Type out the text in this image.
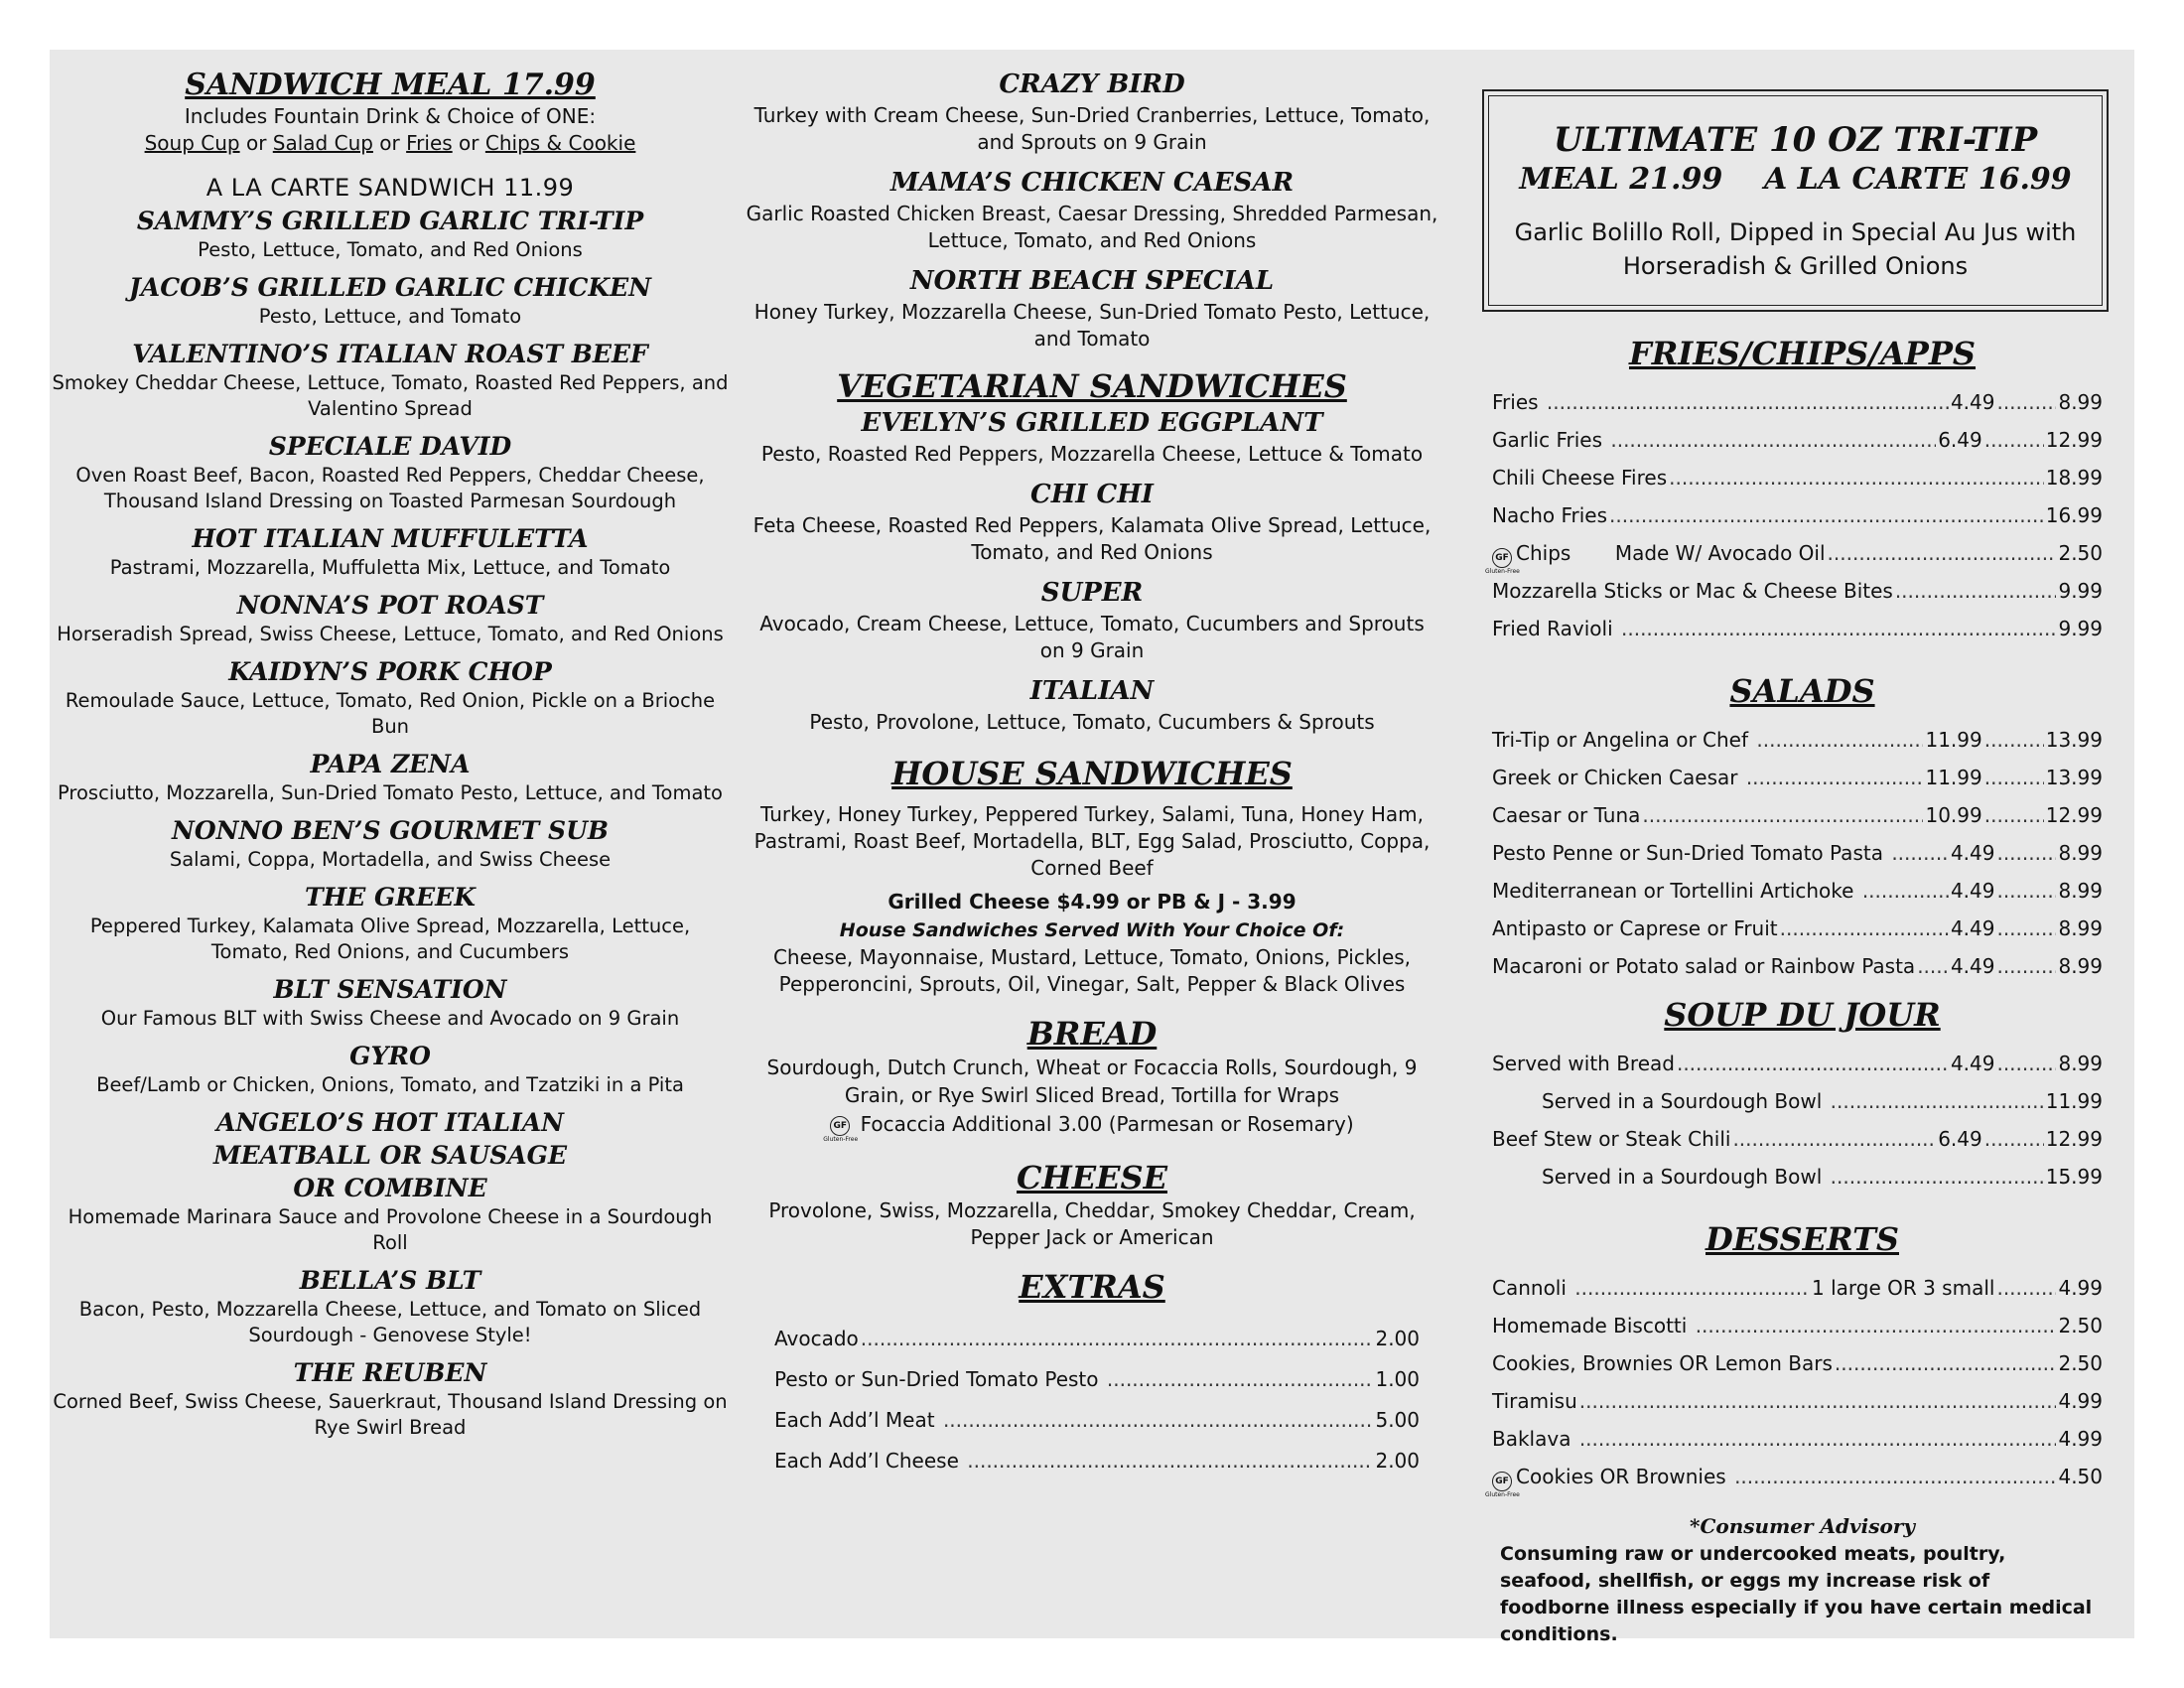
SANDWICH MEAL 17.99
Includes Fountain Drink & Choice of ONE:
Soup Cup or Salad Cup or Fries or Chips & Cookie
A LA CARTE SANDWICH 11.99
SAMMY’S GRILLED GARLIC TRI-TIP
Pesto, Lettuce, Tomato, and Red Onions
JACOB’S GRILLED GARLIC CHICKEN
Pesto, Lettuce, and Tomato
VALENTINO’S ITALIAN ROAST BEEF
Smokey Cheddar Cheese, Lettuce, Tomato, Roasted Red Peppers, and Valentino Spread
SPECIALE DAVID
Oven Roast Beef, Bacon, Roasted Red Peppers, Cheddar Cheese, Thousand Island Dressing on Toasted Parmesan Sourdough
HOT ITALIAN MUFFULETTA
Pastrami, Mozzarella, Muffuletta Mix, Lettuce, and Tomato
NONNA’S POT ROAST
Horseradish Spread, Swiss Cheese, Lettuce, Tomato, and Red Onions
KAIDYN’S PORK CHOP
Remoulade Sauce, Lettuce, Tomato, Red Onion, Pickle on a Brioche Bun
PAPA ZENA
Prosciutto, Mozzarella, Sun-Dried Tomato Pesto, Lettuce, and Tomato
NONNO BEN’S GOURMET SUB
Salami, Coppa, Mortadella, and Swiss Cheese
THE GREEK
Peppered Turkey, Kalamata Olive Spread, Mozzarella, Lettuce, Tomato, Red Onions, and Cucumbers
BLT SENSATION
Our Famous BLT with Swiss Cheese and Avocado on 9 Grain
GYRO
Beef/Lamb or Chicken, Onions, Tomato, and Tzatziki in a Pita
ANGELO’S HOT ITALIAN MEATBALL OR SAUSAGE OR COMBINE
Homemade Marinara Sauce and Provolone Cheese in a Sourdough Roll
BELLA’S BLT
Bacon, Pesto, Mozzarella Cheese, Lettuce, and Tomato on Sliced Sourdough - Genovese Style!
THE REUBEN
Corned Beef, Swiss Cheese, Sauerkraut, Thousand Island Dressing on Rye Swirl Bread
CRAZY BIRD
Turkey with Cream Cheese, Sun-Dried Cranberries, Lettuce, Tomato, and Sprouts on 9 Grain
MAMA’S CHICKEN CAESAR
Garlic Roasted Chicken Breast, Caesar Dressing, Shredded Parmesan, Lettuce, Tomato, and Red Onions
NORTH BEACH SPECIAL
Honey Turkey, Mozzarella Cheese, Sun-Dried Tomato Pesto, Lettuce, and Tomato
VEGETARIAN SANDWICHES
EVELYN’S GRILLED EGGPLANT
Pesto, Roasted Red Peppers, Mozzarella Cheese, Lettuce & Tomato
CHI CHI
Feta Cheese, Roasted Red Peppers, Kalamata Olive Spread, Lettuce, Tomato, and Red Onions
SUPER
Avocado, Cream Cheese, Lettuce, Tomato, Cucumbers and Sprouts on 9 Grain
ITALIAN
Pesto, Provolone, Lettuce, Tomato, Cucumbers & Sprouts
HOUSE SANDWICHES
Turkey, Honey Turkey, Peppered Turkey, Salami, Tuna, Honey Ham, Pastrami, Roast Beef, Mortadella, BLT, Egg Salad, Prosciutto, Coppa, Corned Beef
Grilled Cheese $4.99 or PB & J - 3.99
House Sandwiches Served With Your Choice Of:
Cheese, Mayonnaise, Mustard, Lettuce, Tomato, Onions, Pickles, Pepperoncini, Sprouts, Oil, Vinegar, Salt, Pepper & Black Olives
BREAD
Sourdough, Dutch Crunch, Wheat or Focaccia Rolls, Sourdough, 9 Grain, or Rye Swirl Sliced Bread, Tortilla for Wraps
GF Gluten-Free Focaccia Additional 3.00 (Parmesan or Rosemary)
CHEESE
Provolone, Swiss, Mozzarella, Cheddar, Smokey Cheddar, Cream, Pepper Jack or American
EXTRAS
Avocado .....	2.00
Pesto or Sun-Dried Tomato Pesto .....	1.00
Each Add’l Meat .....	5.00
Each Add’l Cheese .....	2.00
ULTIMATE 10 OZ TRI-TIP
MEAL 21.99    A LA CARTE 16.99
Garlic Bolillo Roll, Dipped in Special Au Jus with Horseradish & Grilled Onions
FRIES/CHIPS/APPS
Fries .....	4.49 .....	8.99
Garlic Fries .....	6.49 .....	12.99
Chili Cheese Fires .....	18.99
Nacho Fries .....	16.99
GF Gluten-Free Chips       Made W/ Avocado Oil .....	2.50
Mozzarella Sticks or Mac & Cheese Bites .....	9.99
Fried Ravioli .....	9.99
SALADS
Tri-Tip or Angelina or Chef .....	11.99 .....	13.99
Greek or Chicken Caesar .....	11.99 .....	13.99
Caesar or Tuna .....	10.99 .....	12.99
Pesto Penne or Sun-Dried Tomato Pasta .....	4.49 .....	8.99
Mediterranean or Tortellini Artichoke .....	4.49 .....	8.99
Antipasto or Caprese or Fruit .....	4.49 .....	8.99
Macaroni or Potato salad or Rainbow Pasta ..... 4.49 .....	8.99
SOUP DU JOUR
Served with Bread .....	4.49 .....	8.99
Served in a Sourdough Bowl .....	11.99
Beef Stew or Steak Chili .....	6.49 .....	12.99
Served in a Sourdough Bowl .....	15.99
DESSERTS
Cannoli .....	1 large OR 3 small .....	4.99
Homemade Biscotti .....	2.50
Cookies, Brownies OR Lemon Bars .....	2.50
Tiramisu .....	4.99
Baklava .....	4.99
GF Gluten-Free Cookies OR Brownies .....	4.50
*Consumer Advisory
Consuming raw or undercooked meats, poultry, seafood, shellfish, or eggs my increase risk of foodborne illness especially if you have certain medical conditions.
